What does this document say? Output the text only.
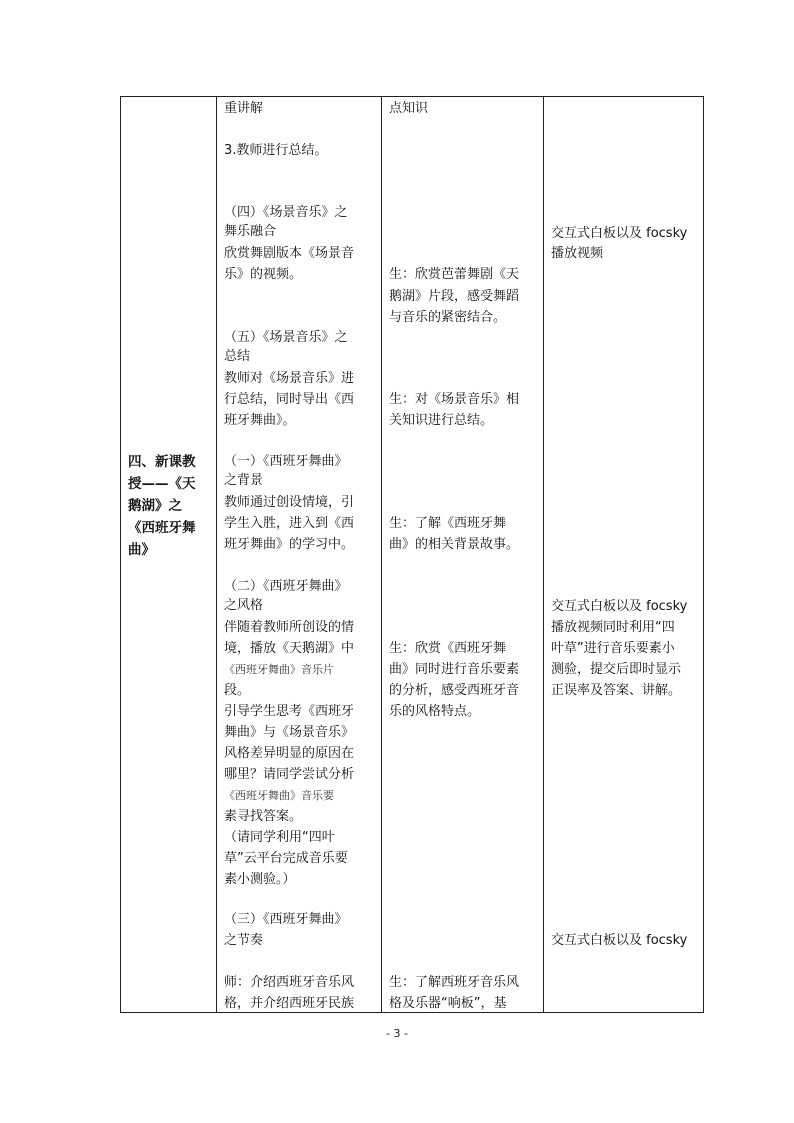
四、新课教
授——《天
鹅湖》之
《西班牙舞
曲》
重讲解
3.教师进行总结。
（四）《场景音乐》之
舞乐融合
欣赏舞剧版本《场景音
乐》的视频。
（五）《场景音乐》之
总结
教师对《场景音乐》进
行总结，同时导出《西
班牙舞曲》。
（一）《西班牙舞曲》
之背景
教师通过创设情境，引
学生入胜，进入到《西
班牙舞曲》的学习中。
（二）《西班牙舞曲》
之风格
伴随着教师所创设的情
境，播放《天鹅湖》中
《西班牙舞曲》音乐片
段。
引导学生思考《西班牙
舞曲》与《场景音乐》
风格差异明显的原因在
哪里？请同学尝试分析
《西班牙舞曲》音乐要
素寻找答案。
（请同学利用“四叶
草”云平台完成音乐要
素小测验。）
（三）《西班牙舞曲》
之节奏
师：介绍西班牙音乐风
格，并介绍西班牙民族
点知识
生：欣赏芭蕾舞剧《天
鹅湖》片段，感受舞蹈
与音乐的紧密结合。
生：对《场景音乐》相
关知识进行总结。
生：了解《西班牙舞
曲》的相关背景故事。
生：欣赏《西班牙舞
曲》同时进行音乐要素
的分析，感受西班牙音
乐的风格特点。
生：了解西班牙音乐风
格及乐器“响板”，基
交互式白板以及 focsky
播放视频
交互式白板以及 focsky
播放视频同时利用“四
叶草”进行音乐要素小
测验，提交后即时显示
正误率及答案、讲解。
交互式白板以及 focsky
- 3 -
